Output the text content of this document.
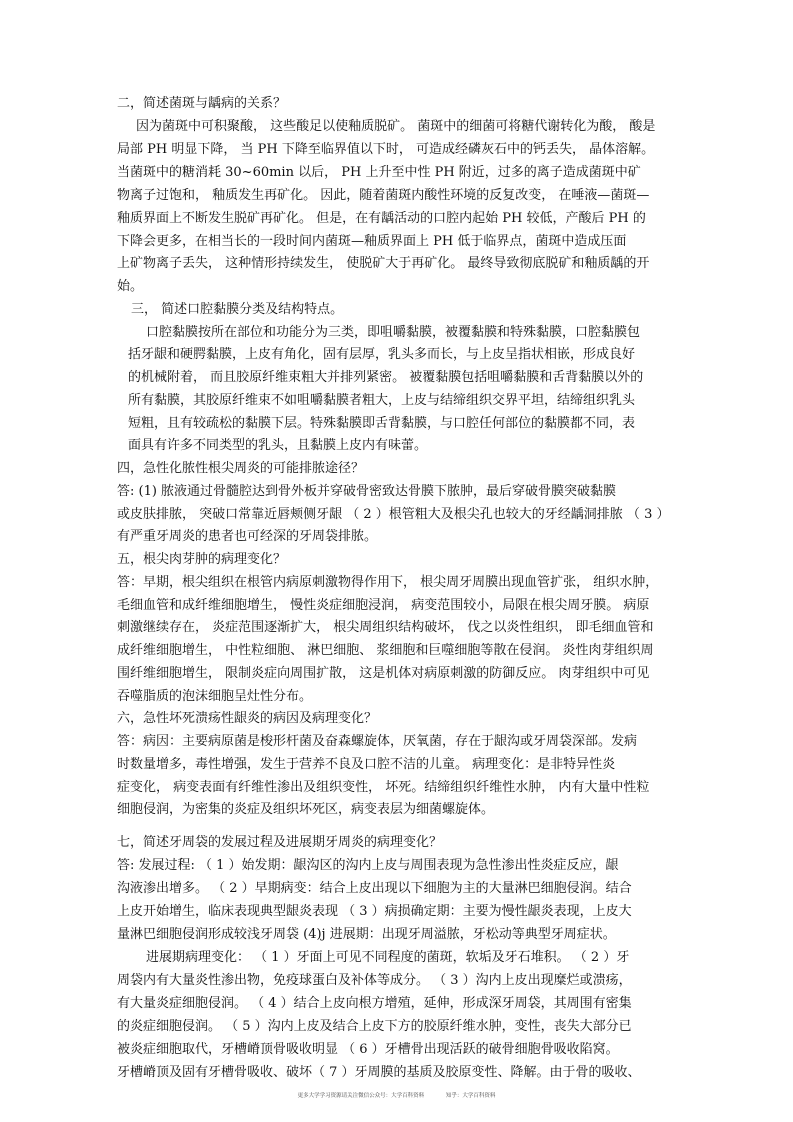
二，简述菌斑与龋病的关系？
因为菌斑中可积聚酸， 这些酸足以使釉质脱矿。 菌斑中的细菌可将糖代谢转化为酸， 酸是
局部 PH 明显下降， 当 PH 下降至临界值以下时， 可造成经磷灰石中的钙丢失， 晶体溶解。
当菌斑中的糖消耗 30~60min 以后， PH 上升至中性 PH 附近，过多的离子造成菌斑中矿
物离子过饱和， 釉质发生再矿化。 因此，随着菌斑内酸性环境的反复改变， 在唾液—菌斑—
釉质界面上不断发生脱矿再矿化。 但是，在有龋活动的口腔内起始 PH 较低，产酸后 PH 的
下降会更多，在相当长的一段时间内菌斑—釉质界面上 PH 低于临界点，菌斑中造成压面
上矿物离子丢失， 这种情形持续发生， 使脱矿大于再矿化。 最终导致彻底脱矿和釉质龋的开
始。
三， 简述口腔黏膜分类及结构特点。
口腔黏膜按所在部位和功能分为三类，即咀嚼黏膜，被覆黏膜和特殊黏膜，口腔黏膜包
括牙龈和硬腭黏膜，上皮有角化，固有层厚，乳头多而长，与上皮呈指状相嵌，形成良好
的机械附着， 而且胶原纤维束粗大并排列紧密。 被覆黏膜包括咀嚼黏膜和舌背黏膜以外的
所有黏膜，其胶原纤维束不如咀嚼黏膜者粗大，上皮与结缔组织交界平坦，结缔组织乳头
短粗，且有较疏松的黏膜下层。特殊黏膜即舌背黏膜，与口腔任何部位的黏膜都不同，表
面具有许多不同类型的乳头，且黏膜上皮内有味蕾。
四，急性化脓性根尖周炎的可能排脓途径？
答: (1) 脓液通过骨髓腔达到骨外板并穿破骨密致达骨膜下脓肿，最后穿破骨膜突破黏膜
或皮肤排脓， 突破口常靠近唇颊侧牙龈 （ 2 ）根管粗大及根尖孔也较大的牙经龋洞排脓 （ 3 ）
有严重牙周炎的患者也可经深的牙周袋排脓。
五，根尖肉芽肿的病理变化？
答：早期，根尖组织在根管内病原刺激物得作用下， 根尖周牙周膜出现血管扩张， 组织水肿，
毛细血管和成纤维细胞增生， 慢性炎症细胞浸润， 病变范围较小，局限在根尖周牙膜。 病原
刺激继续存在， 炎症范围逐渐扩大， 根尖周组织结构破坏， 伐之以炎性组织， 即毛细血管和
成纤维细胞增生， 中性粒细胞、 淋巴细胞、 浆细胞和巨噬细胞等散在侵润。 炎性肉芽组织周
围纤维细胞增生， 限制炎症向周围扩散， 这是机体对病原刺激的防御反应。 肉芽组织中可见
吞噬脂质的泡沫细胞呈灶性分布。
六，急性坏死溃疡性龈炎的病因及病理变化？
答：病因：主要病原菌是梭形杆菌及奋森螺旋体，厌氧菌，存在于龈沟或牙周袋深部。发病
时数量增多，毒性增强，发生于营养不良及口腔不洁的儿童。 病理变化：是非特异性炎
症变化， 病变表面有纤维性渗出及组织变性， 坏死。结缔组织纤维性水肿， 内有大量中性粒
细胞侵润，为密集的炎症及组织坏死区，病变表层为细菌螺旋体。
七，简述牙周袋的发展过程及进展期牙周炎的病理变化？
答: 发展过程: （ 1 ）始发期：龈沟区的沟内上皮与周围表现为急性渗出性炎症反应，龈
沟液渗出增多。 （ 2 ）早期病变：结合上皮出现以下细胞为主的大量淋巴细胞侵润。结合
上皮开始增生，临床表现典型龈炎表现 （ 3 ）病损确定期：主要为慢性龈炎表现，上皮大
量淋巴细胞侵润形成较浅牙周袋 (4)j 进展期：出现牙周溢脓，牙松动等典型牙周症状。
进展期病理变化： （ 1 ）牙面上可见不同程度的菌斑，软垢及牙石堆积。 （ 2 ）牙
周袋内有大量炎性渗出物，免疫球蛋白及补体等成分。 （ 3 ）沟内上皮出现糜烂或溃疡，
有大量炎症细胞侵润。 （ 4 ）结合上皮向根方增殖，延伸，形成深牙周袋，其周围有密集
的炎症细胞侵润。 （ 5 ）沟内上皮及结合上皮下方的胶原纤维水肿，变性，丧失大部分已
被炎症细胞取代，牙槽嵴顶骨吸收明显 （ 6 ）牙槽骨出现活跃的破骨细胞骨吸收陷窝。
牙槽嵴顶及固有牙槽骨吸收、破坏（ 7 ）牙周膜的基质及胶原变性、降解。由于骨的吸收、
更多大学学习资源请关注微信公众号：大学百科资料	知乎：大学百科资料
